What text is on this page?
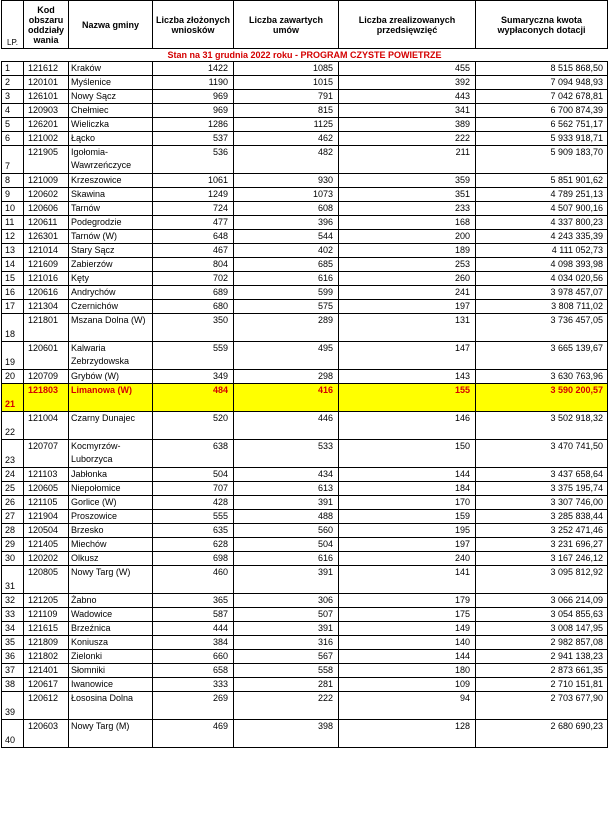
LP.	Kod obszaru oddziały wania	Nazwa gminy	Liczba złożonych wniosków	Liczba zawartych umów	Liczba zrealizowanych przedsięwzięć	Sumaryczna kwota wypłaconych dotacji
Stan na 31 grudnia 2022 roku - PROGRAM CZYSTE POWIETRZE						
1	121612	Kraków	1422	1085	455	8 515 868,50
2	120101	Myślenice	1190	1015	392	7 094 948,93
3	126101	Nowy Sącz	969	791	443	7 042 678,81
4	120903	Chełmiec	969	815	341	6 700 874,39
5	126201	Wieliczka	1286	1125	389	6 562 751,17
6	121002	Łącko	537	462	222	5 933 918,71
7	121905	Igołomia-Wawrzeńczyce	536	482	211	5 909 183,70
8	121009	Krzeszowice	1061	930	359	5 851 901,62
9	120602	Skawina	1249	1073	351	4 789 251,13
10	120606	Tarnów	724	608	233	4 507 900,16
11	120611	Podegrodzie	477	396	168	4 337 800,23
12	126301	Tarnów (W)	648	544	200	4 243 335,39
13	121014	Stary Sącz	467	402	189	4 111 052,73
14	121609	Zabierzów	804	685	253	4 098 393,98
15	121016	Kęty	702	616	260	4 034 020,56
16	120616	Andrychów	689	599	241	3 978 457,07
17	121304	Czernichów	680	575	197	3 808 711,02
18	121801	Mszana Dolna (W)	350	289	131	3 736 457,05
19	120601	Kalwaria Zebrzydowska	559	495	147	3 665 139,67
20	120709	Grybów (W)	349	298	143	3 630 763,96
21	121803	Limanowa (W)	484	416	155	3 590 200,57
22	121004	Czarny Dunajec	520	446	146	3 502 918,32
23	120707	Kocmyrzów-Luborzyca	638	533	150	3 470 741,50
24	121103	Jabłonka	504	434	144	3 437 658,64
25	120605	Niepołomice	707	613	184	3 375 195,74
26	121105	Gorlice (W)	428	391	170	3 307 746,00
27	121904	Proszowice	555	488	159	3 285 838,44
28	120504	Brzesko	635	560	195	3 252 471,46
29	121405	Miechów	628	504	197	3 231 696,27
30	120202	Olkusz	698	616	240	3 167 246,12
31	120805	Nowy Targ (W)	460	391	141	3 095 812,92
32	121205	Żabno	365	306	179	3 066 214,09
33	121109	Wadowice	587	507	175	3 054 855,63
34	121615	Brzeźnica	444	391	149	3 008 147,95
35	121809	Koniusza	384	316	140	2 982 857,08
36	121802	Zielonki	660	567	144	2 941 138,23
37	121401	Słomniki	658	558	180	2 873 661,35
38	120617	Iwanowice	333	281	109	2 710 151,81
39	120612	Łososina Dolna	269	222	94	2 703 677,90
40	120603	Nowy Targ (M)	469	398	128	2 680 690,23
